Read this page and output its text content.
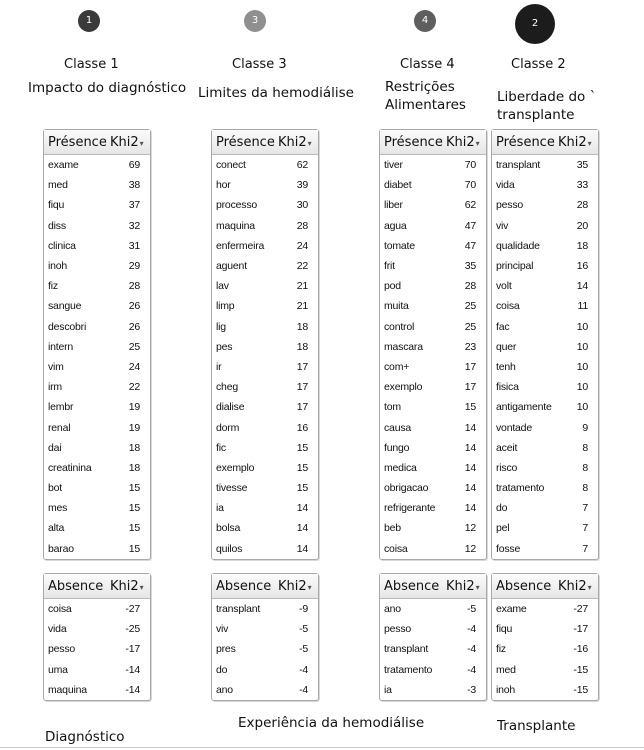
1	3	4	2
Classe 1	Classe 3	Classe 4	Classe 2
Impacto do diagnóstico Limites da hemodiálise Restrições
Alimentares Liberdade do `
transplante
Présence Khi2▾
exame	69
med	38
fiqu	37
diss	32
clinica	31
inoh	29
fiz	28
sangue	26
descobri	26
intern	25
vim	24
irm	22
lembr	19
renal	19
dai	18
creatinina	18
bot	15
mes	15
alta	15
barao	15
Absence Khi2▾
coisa	-27
vida	-25
pesso	-17
uma	-14
maquina	-14
Présence Khi2▾
conect	62
hor	39
processo	30
maquina	28
enfermeira	24
aguent	22
lav	21
limp	21
lig	18
pes	18
ir	17
cheg	17
dialise	17
dorm	16
fic	15
exemplo	15
tivesse	15
ia	14
bolsa	14
quilos	14
Absence Khi2▾
transplant	-9
viv	-5
pres	-5
do	-4
ano	-4
Présence Khi2▾
tiver	70
diabet	70
liber	62
agua	47
tomate	47
frit	35
pod	28
muita	25
control	25
mascara	23
com+	17
exemplo	17
tom	15
causa	14
fungo	14
medica	14
obrigacao	14
refrigerante	14
beb	12
coisa	12
Absence Khi2▾
ano	-5
pesso	-4
transplant	-4
tratamento	-4
ia	-3
Présence Khi2▾
transplant	35
vida	33
pesso	28
viv	20
qualidade	18
principal	16
volt	14
coisa	11
fac	10
quer	10
tenh	10
fisica	10
antigamente	10
vontade	9
aceit	8
risco	8
tratamento	8
do	7
pel	7
fosse	7
Absence Khi2▾
exame	-27
fiqu	-17
fiz	-16
med	-15
inoh	-15
Diagnóstico
Experiência da hemodiálise	Transplante
